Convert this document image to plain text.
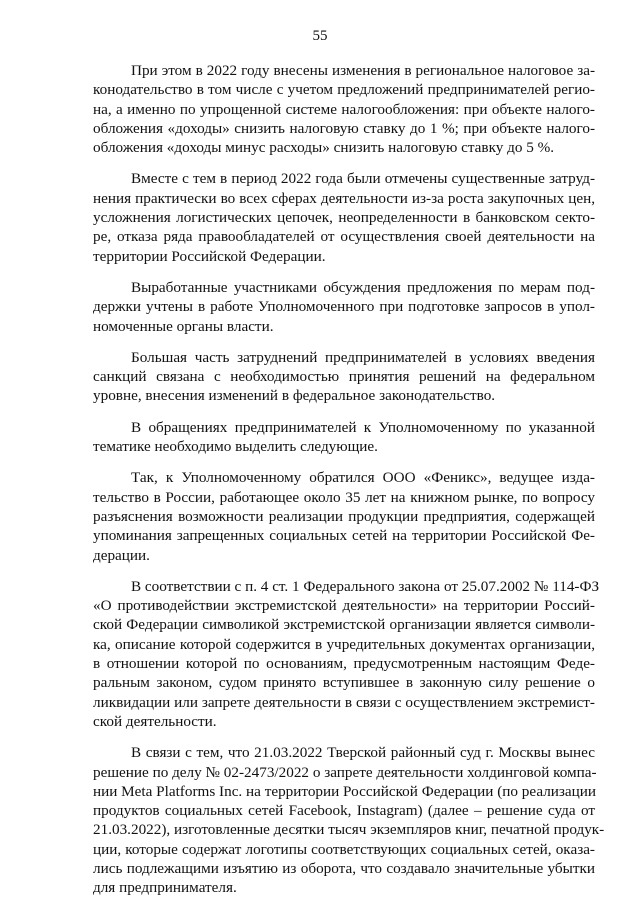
55

При этом в 2022 году внесены изменения в региональное налоговое за-
конодательство в том числе с учетом предложений предпринимателей регио-
на, а именно по упрощенной системе налогообложения: при объекте налого-
обложения «доходы» снизить налоговую ставку до 1 %; при объекте налого-
обложения «доходы минус расходы» снизить налоговую ставку до 5 %.

Вместе с тем в период 2022 года были отмечены существенные затруд-
нения практически во всех сферах деятельности из-за роста закупочных цен,
усложнения логистических цепочек, неопределенности в банковском секто-
ре, отказа ряда правообладателей от осуществления своей деятельности на
территории Российской Федерации.

Выработанные участниками обсуждения предложения по мерам под-
держки учтены в работе Уполномоченного при подготовке запросов в упол-
номоченные органы власти.

Большая часть затруднений предпринимателей в условиях введения
санкций связана с необходимостью принятия решений на федеральном
уровне, внесения изменений в федеральное законодательство.

В обращениях предпринимателей к Уполномоченному по указанной
тематике необходимо выделить следующие.

Так, к Уполномоченному обратился ООО «Феникс», ведущее изда-
тельство в России, работающее около 35 лет на книжном рынке, по вопросу
разъяснения возможности реализации продукции предприятия, содержащей
упоминания запрещенных социальных сетей на территории Российской Фе-
дерации.

В соответствии с п. 4 ст. 1 Федерального закона от 25.07.2002 № 114-ФЗ
«О противодействии экстремистской деятельности» на территории Россий-
ской Федерации символикой экстремистской организации является символи-
ка, описание которой содержится в учредительных документах организации,
в отношении которой по основаниям, предусмотренным настоящим Феде-
ральным законом, судом принято вступившее в законную силу решение о
ликвидации или запрете деятельности в связи с осуществлением экстремист-
ской деятельности.

В связи с тем, что 21.03.2022 Тверской районный суд г. Москвы вынес
решение по делу № 02-2473/2022 о запрете деятельности холдинговой компа-
нии Meta Platforms Inc. на территории Российской Федерации (по реализации
продуктов социальных сетей Facebook, Instagram) (далее – решение суда от
21.03.2022), изготовленные десятки тысяч экземпляров книг, печатной продук-
ции, которые содержат логотипы соответствующих социальных сетей, оказа-
лись подлежащими изъятию из оборота, что создавало значительные убытки
для предпринимателя.
